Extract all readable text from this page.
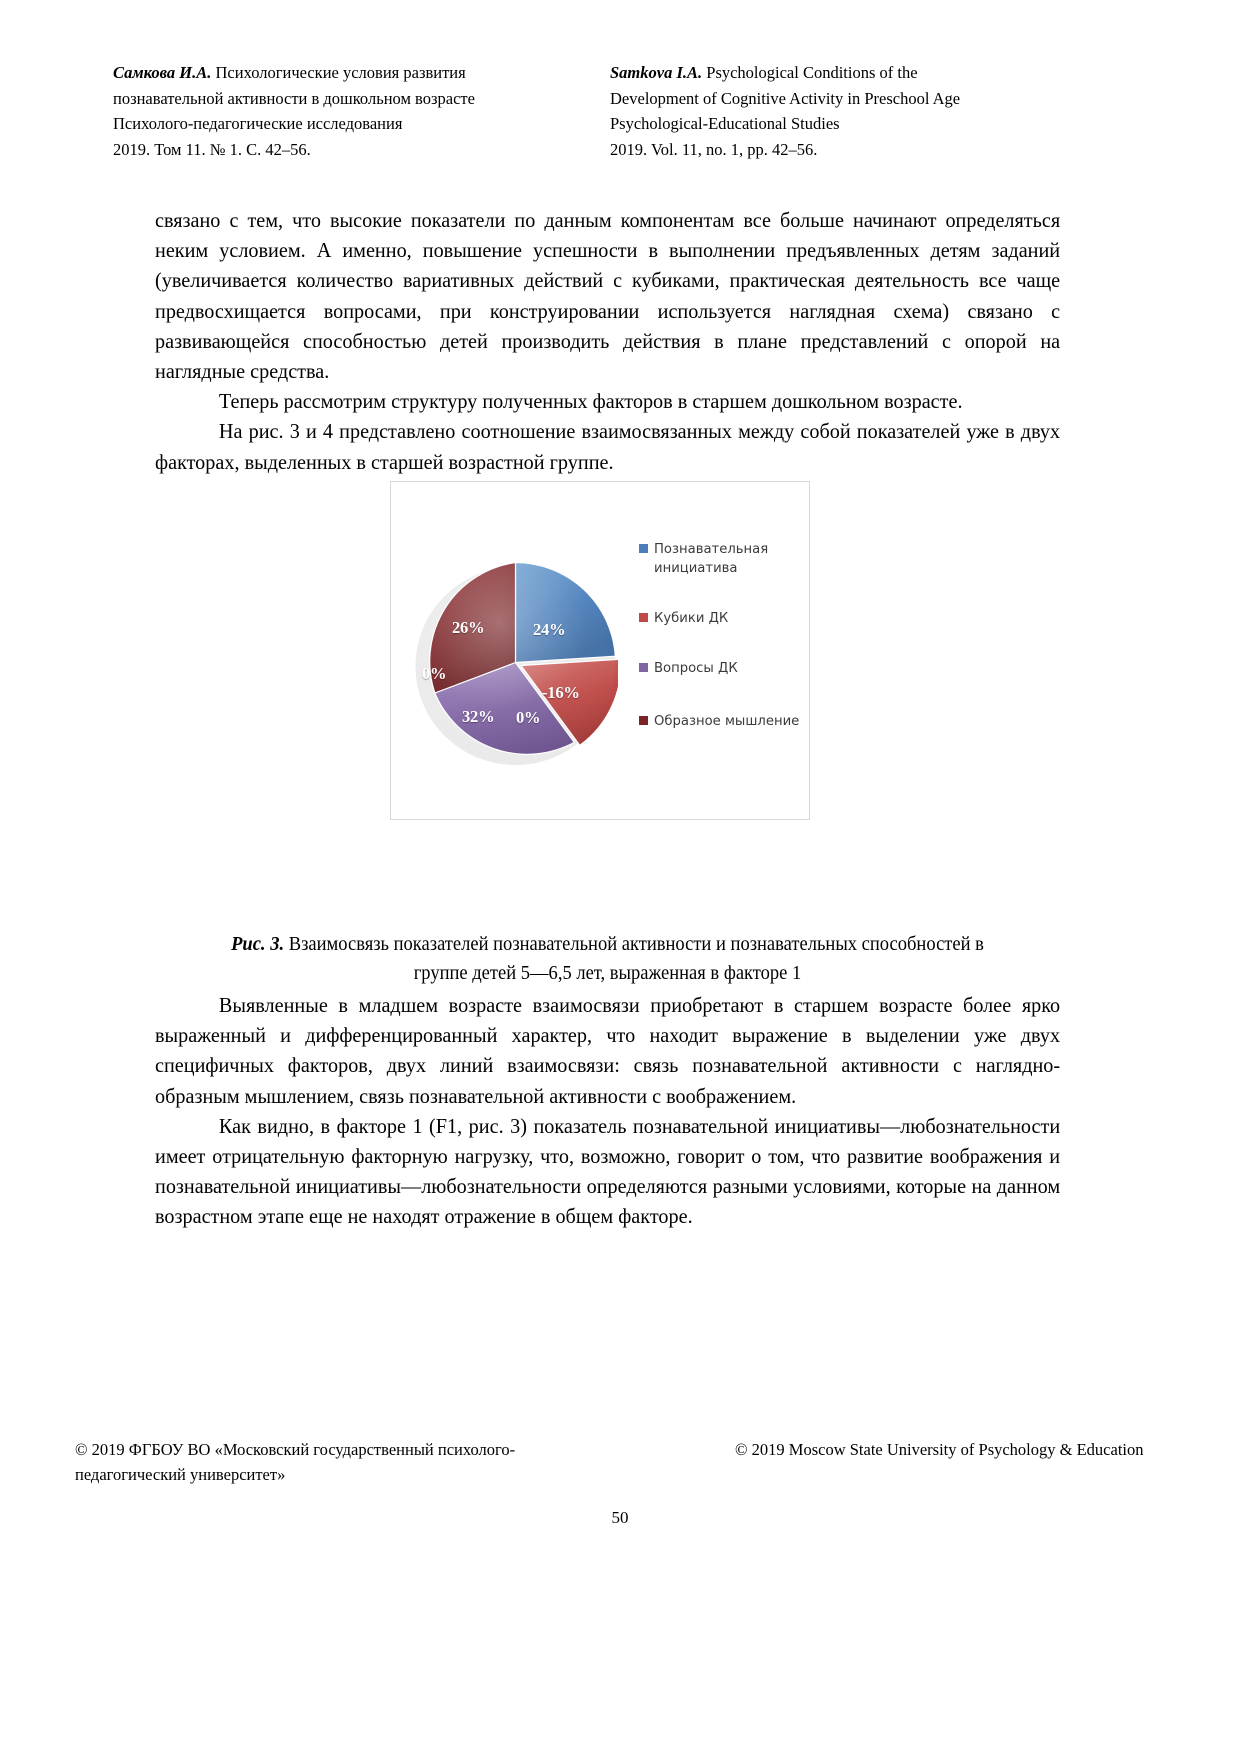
Самкова И.А. Психологические условия развития
познавательной активности в дошкольном возрасте
Психолого-педагогические исследования
2019. Том 11. № 1. С. 42–56.
Samkova I.A. Psychological Conditions of the
Development of Cognitive Activity in Preschool Age
Psychological-Educational Studies
2019. Vol. 11, no. 1, pp. 42–56.

связано с тем, что высокие показатели по данным компонентам все больше начинают определяться неким условием. А именно, повышение успешности в выполнении предъявленных детям заданий (увеличивается количество вариативных действий с кубиками, практическая деятельность все чаще предвосхищается вопросами, при конструировании используется наглядная схема) связано с развивающейся способностью детей производить действия в плане представлений с опорой на наглядные средства.

Теперь рассмотрим структуру полученных факторов в старшем дошкольном возрасте.

На рис. 3 и 4 представлено соотношение взаимосвязанных между собой показателей уже в двух факторах, выделенных в старшей возрастной группе.

24%
-16%
0%
32%
0%
26%
Познавательная инициатива
Кубики ДК
Вопросы ДК
Образное мышление
Рис. 3. Взаимосвязь показателей познавательной активности и познавательных способностей в
группе детей 5—6,5 лет, выраженная в факторе 1

Выявленные в младшем возрасте взаимосвязи приобретают в старшем возрасте более ярко выраженный и дифференцированный характер, что находит выражение в выделении уже двух специфичных факторов, двух линий взаимосвязи: связь познавательной активности с наглядно-образным мышлением, связь познавательной активности с воображением.

Как видно, в факторе 1 (F1, рис. 3) показатель познавательной инициативы—любознательности имеет отрицательную факторную нагрузку, что, возможно, говорит о том, что развитие воображения и познавательной инициативы—любознательности определяются разными условиями, которые на данном возрастном этапе еще не находят отражение в общем факторе.

© 2019 ФГБОУ ВО «Московский государственный психолого-
педагогический университет»
© 2019 Moscow State University of Psychology & Education
50
